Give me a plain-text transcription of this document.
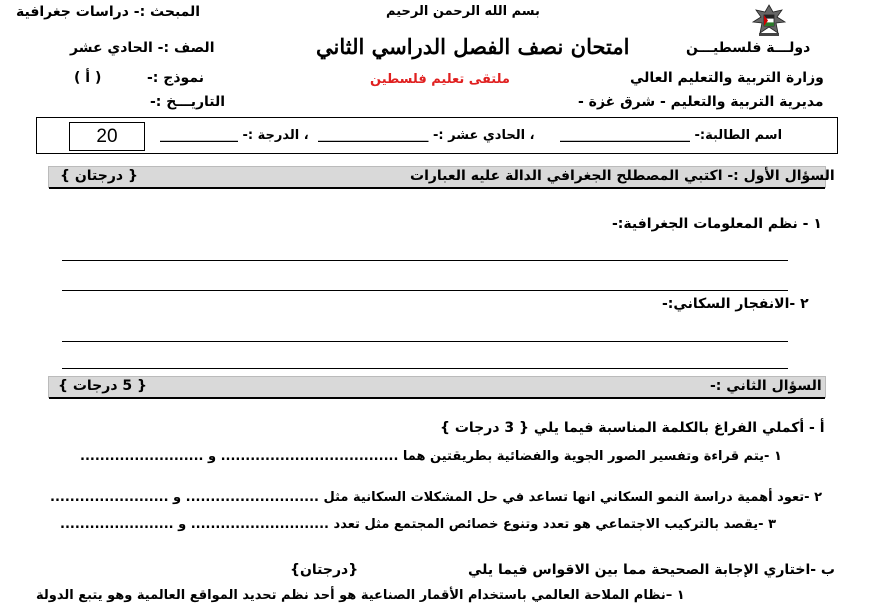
بسم الله الرحمن الرحيم
المبحث :- دراسات جغرافية
دولـــة فلسطيـــن
امتحان نصف الفصل الدراسي الثاني
الصف :- الحادي عشر
وزارة التربية والتعليم العالي
ملتقى تعليم فلسطين
نموذج :-
( أ )
مديرية التربية والتعليم - شرق غزة -
التاريـــخ :-
20	اسم الطالبة:- ____________________
، الحادي عشر :- _________________
، الدرجة :- ____________
السؤال الأول :- اكتبي المصطلح الجغرافي الدالة عليه العبارات
{ درجتان }
١ - نظم المعلومات الجغرافية:-
٢ -الانفجار السكاني:-
السؤال الثاني :-
{ 5 درجات }
أ - أكملي الفراغ بالكلمة المناسبة فيما يلي { 3 درجات }
١ -يتم قراءة وتفسير الصور الجوية والفضائية بطريقتين هما .................................... و .........................
٢ -تعود أهمية دراسة النمو السكاني انها تساعد في حل المشكلات السكانية مثل ........................... و ........................
٣ -يقصد بالتركيب الاجتماعي هو تعدد وتنوع خصائص المجتمع مثل تعدد ............................ و .......................
ب -اختاري الإجابة الصحيحة مما بين الاقواس فيما يلي
{درجتان}
١ –نظام الملاحة العالمي باستخدام الأقمار الصناعية هو أحد نظم تحديد المواقع العالمية وهو يتبع الدولة
